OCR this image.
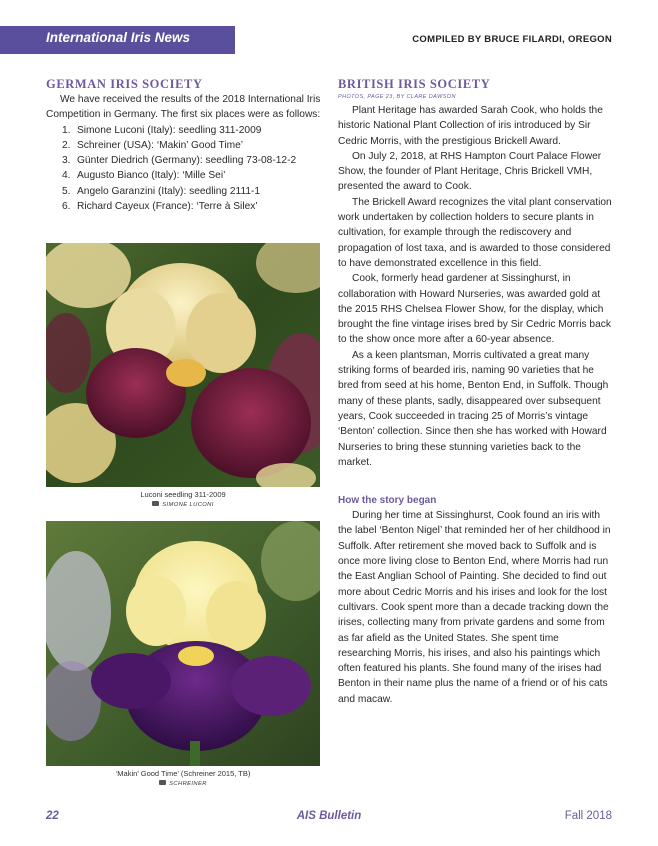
International Iris News	COMPILED BY BRUCE FILARDI, OREGON
GERMAN IRIS SOCIETY

We have received the results of the 2018 International Iris Competition in Germany. The first six places were as follows:

1. Simone Luconi (Italy): seedling 311-2009
2. Schreiner (USA): ‘Makin’ Good Time’
3. Günter Diedrich (Germany): seedling 73-08-12-2
4. Augusto Bianco (Italy): ‘Mille Sei’
5. Angelo Garanzini (Italy): seedling 2111-1
6. Richard Cayeux (France): ‘Terre à Silex’
Luconi seedling 311-2009
SIMONE LUCONI
‘Makin’ Good Time’ (Schreiner 2015, TB)
SCHREINER
BRITISH IRIS SOCIETY
PHOTOS, PAGE 23, BY CLARE DAWSON

Plant Heritage has awarded Sarah Cook, who holds the historic National Plant Collection of iris introduced by Sir Cedric Morris, with the prestigious Brickell Award.

On July 2, 2018, at RHS Hampton Court Palace Flower Show, the founder of Plant Heritage, Chris Brickell VMH, presented the award to Cook.

The Brickell Award recognizes the vital plant conservation work undertaken by collection holders to secure plants in cultivation, for example through the rediscovery and propagation of lost taxa, and is awarded to those considered to have demonstrated excellence in this field.

Cook, formerly head gardener at Sissinghurst, in collaboration with Howard Nurseries, was awarded gold at the 2015 RHS Chelsea Flower Show, for the display, which brought the fine vintage irises bred by Sir Cedric Morris back to the show once more after a 60-year absence.

As a keen plantsman, Morris cultivated a great many striking forms of bearded iris, naming 90 varieties that he bred from seed at his home, Benton End, in Suffolk. Though many of these plants, sadly, disappeared over subsequent years, Cook succeeded in tracing 25 of Morris’s vintage ‘Benton’ collection. Since then she has worked with Howard Nurseries to bring these stunning varieties back to the market.

How the story began

During her time at Sissinghurst, Cook found an iris with the label ‘Benton Nigel’ that reminded her of her childhood in Suffolk. After retirement she moved back to Suffolk and is once more living close to Benton End, where Morris had run the East Anglian School of Painting. She decided to find out more about Cedric Morris and his irises and look for the lost cultivars. Cook spent more than a decade tracking down the irises, collecting many from private gardens and some from as far afield as the United States. She spent time researching Morris, his irises, and also his paintings which often featured his plants. She found many of the irises had Benton in their name plus the name of a friend or of his cats and macaw.

AIS Bulletin
22	Fall 2018
